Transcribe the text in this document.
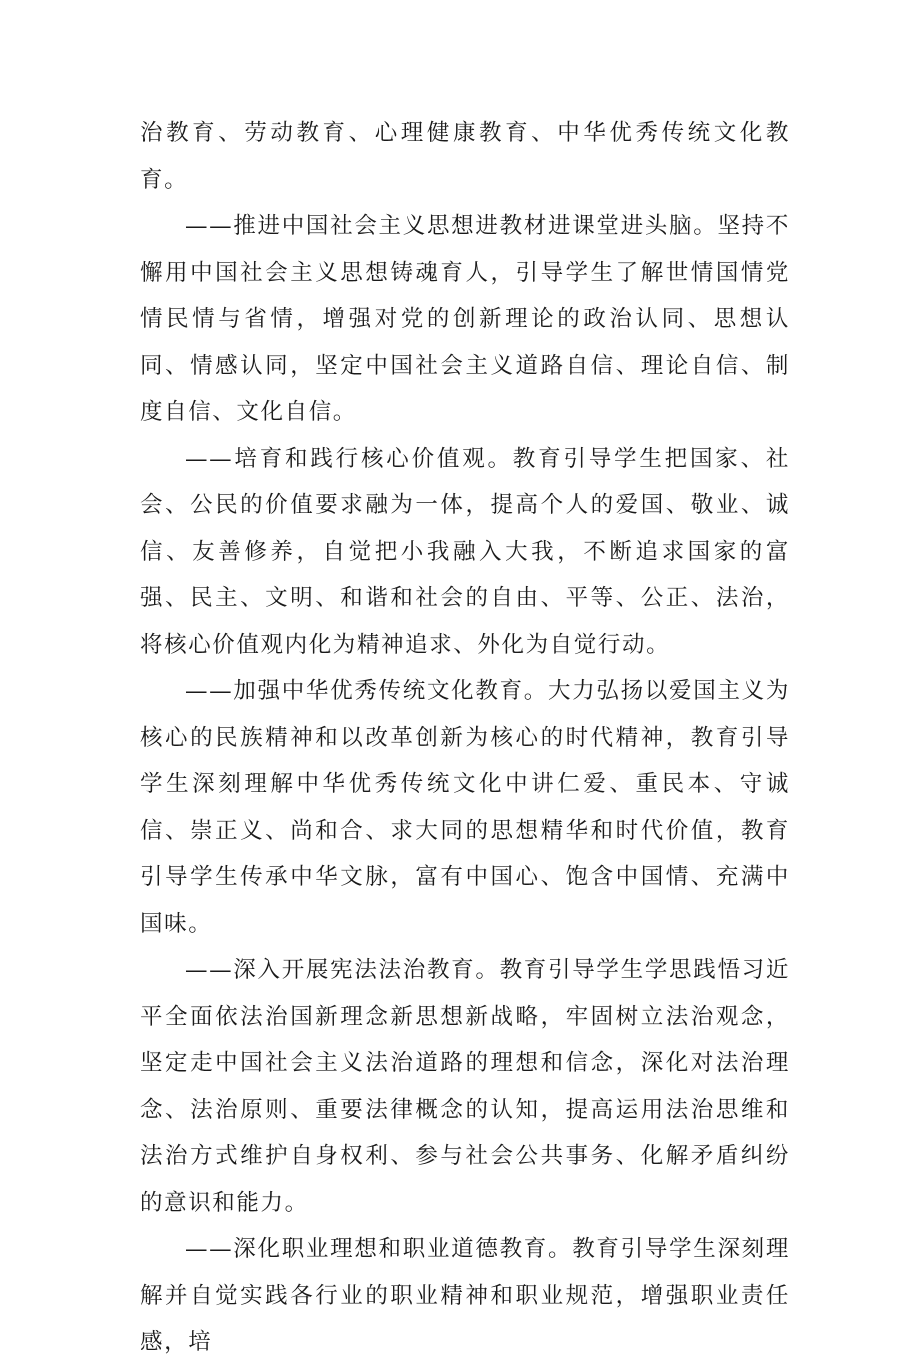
治教育、劳动教育、心理健康教育、中华优秀传统文化教育。

——推进中国社会主义思想进教材进课堂进头脑。坚持不懈用中国社会主义思想铸魂育人，引导学生了解世情国情党情民情与省情，增强对党的创新理论的政治认同、思想认同、情感认同，坚定中国社会主义道路自信、理论自信、制度自信、文化自信。

——培育和践行核心价值观。教育引导学生把国家、社会、公民的价值要求融为一体，提高个人的爱国、敬业、诚信、友善修养，自觉把小我融入大我，不断追求国家的富强、民主、文明、和谐和社会的自由、平等、公正、法治，将核心价值观内化为精神追求、外化为自觉行动。

——加强中华优秀传统文化教育。大力弘扬以爱国主义为核心的民族精神和以改革创新为核心的时代精神，教育引导学生深刻理解中华优秀传统文化中讲仁爱、重民本、守诚信、崇正义、尚和合、求大同的思想精华和时代价值，教育引导学生传承中华文脉，富有中国心、饱含中国情、充满中国味。

——深入开展宪法法治教育。教育引导学生学思践悟习近平全面依法治国新理念新思想新战略，牢固树立法治观念，坚定走中国社会主义法治道路的理想和信念，深化对法治理念、法治原则、重要法律概念的认知，提高运用法治思维和法治方式维护自身权利、参与社会公共事务、化解矛盾纠纷的意识和能力。

——深化职业理想和职业道德教育。教育引导学生深刻理解并自觉实践各行业的职业精神和职业规范，增强职业责任感，培
